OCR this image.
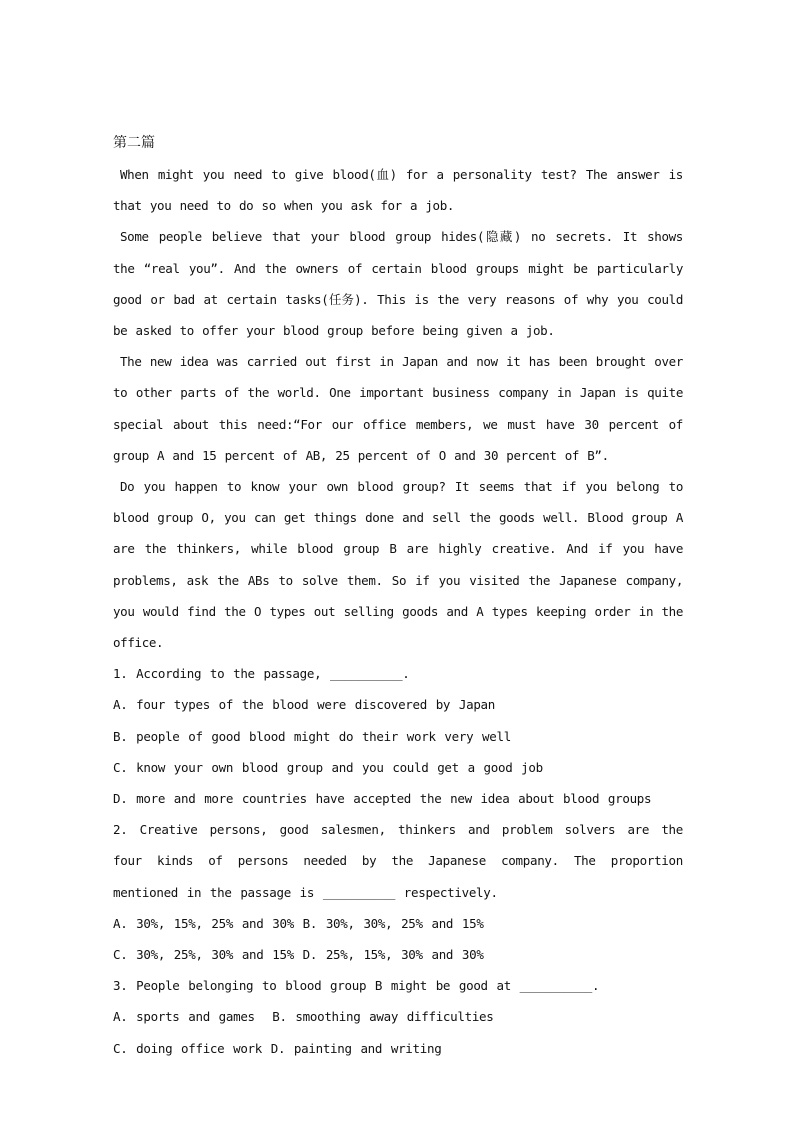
第二篇

When might you need to give blood(血) for a personality test? The answer is that you need to do so when you ask for a job.

Some people believe that your blood group hides(隐藏) no secrets. It shows the “real you”. And the owners of certain blood groups might be particularly good or bad at certain tasks(任务). This is the very reasons of why you could be asked to offer your blood group before being given a job.

The new idea was carried out first in Japan and now it has been brought over to other parts of the world. One important business company in Japan is quite special about this need:“For our office members, we must have 30 percent of group A and 15 percent of AB, 25 percent of O and 30 percent of B”.

Do you happen to know your own blood group? It seems that if you belong to blood group O, you can get things done and sell the goods well. Blood group A are the thinkers, while blood group B are highly creative. And if you have problems, ask the ABs to solve them. So if you visited the Japanese company, you would find the O types out selling goods and A types keeping order in the office.

1. According to the passage, __________.

A. four types of the blood were discovered by Japan

B. people of good blood might do their work very well

C. know your own blood group and you could get a good job

D. more and more countries have accepted the new idea about blood groups

2. Creative persons, good salesmen, thinkers and problem solvers are the four kinds of persons needed by the Japanese company. The proportion mentioned in the passage is __________ respectively.

A. 30%, 15%, 25% and 30% B. 30%, 30%, 25% and 15%

C. 30%, 25%, 30% and 15% D. 25%, 15%, 30% and 30%

3. People belonging to blood group B might be good at __________.

A. sports and games  B. smoothing away difficulties

C. doing office work D. painting and writing
